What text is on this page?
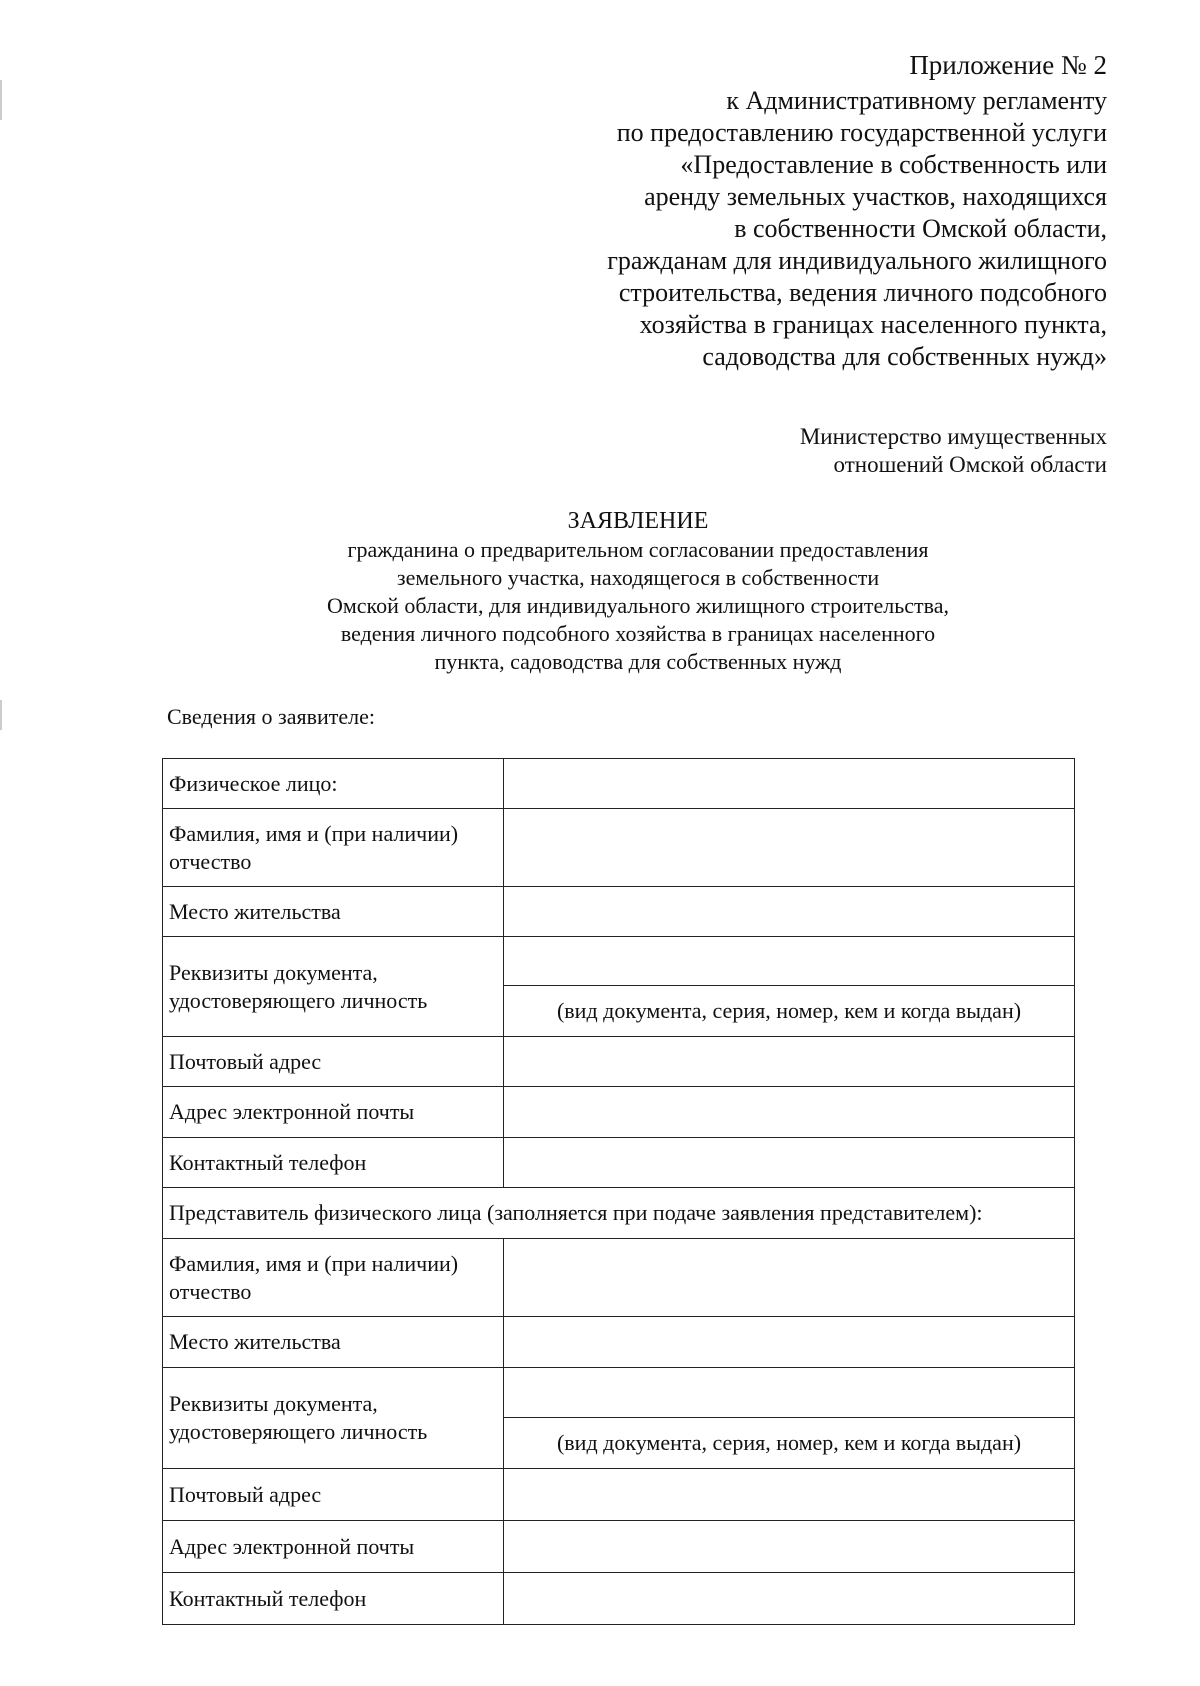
Приложение № 2
к Административному регламенту
по предоставлению государственной услуги
«Предоставление в собственность или
аренду земельных участков, находящихся
в собственности Омской области,
гражданам для индивидуального жилищного
строительства, ведения личного подсобного
хозяйства в границах населенного пункта,
садоводства для собственных нужд»
Министерство имущественных
отношений Омской области
ЗАЯВЛЕНИЕ
гражданина о предварительном согласовании предоставления
земельного участка, находящегося в собственности
Омской области, для индивидуального жилищного строительства,
ведения личного подсобного хозяйства в границах населенного
пункта, садоводства для собственных нужд
Сведения о заявителе:
Физическое лицо:	
Фамилия, имя и (при наличии) отчество	
Место жительства	
Реквизиты документа, удостоверяющего личность	
	(вид документа, серия, номер, кем и когда выдан)
Почтовый адрес	
Адрес электронной почты	
Контактный телефон	
Представитель физического лица (заполняется при подаче заявления представителем):	
Фамилия, имя и (при наличии) отчество	
Место жительства	
Реквизиты документа, удостоверяющего личность	
	(вид документа, серия, номер, кем и когда выдан)
Почтовый адрес	
Адрес электронной почты	
Контактный телефон	
